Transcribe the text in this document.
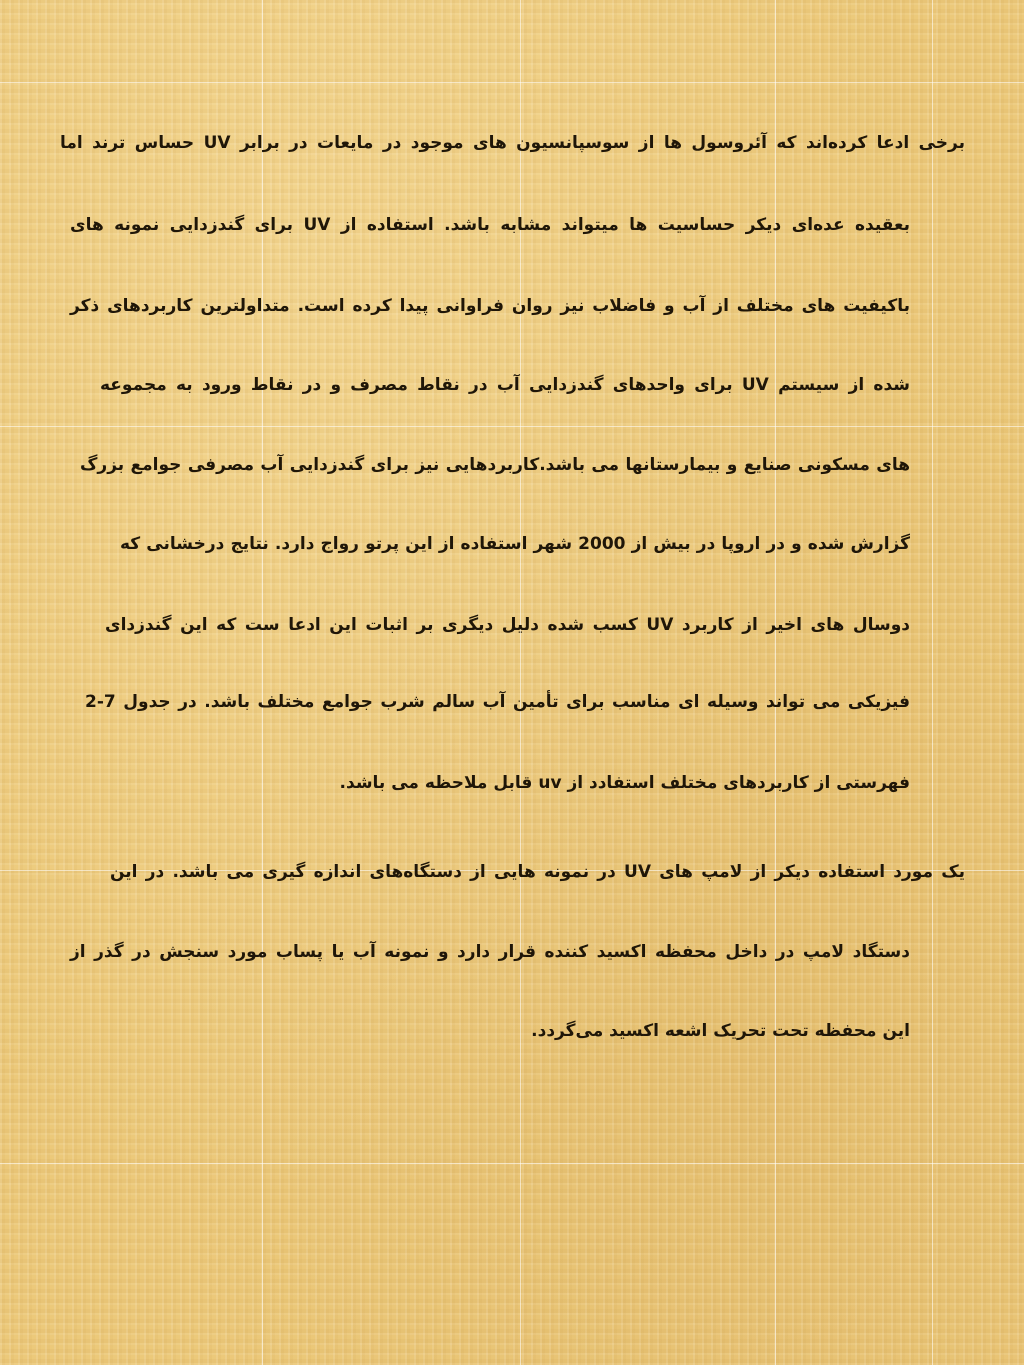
برخی ادعا کرده‌اند که آئروسول ها از سوسپانسیون های موجود در مایعات در برابر UV حساس ترند اما
بعقیده عده‌ای دیکر حساسیت ها میتواند مشابه باشد. استفاده از UV برای گندزدایی نمونه های
باکیفیت های مختلف از آب و فاضلاب نیز روان فراوانی پیدا کرده است. متداولترین کاربردهای ذکر
شده از سیستم UV برای واحدهای گندزدایی آب در نقاط مصرف و در نقاط ورود به مجموعه
های مسکونی صنایع و بیمارستانها می باشد.کاربردهایی نیز برای گندزدایی آب مصرفی جوامع بزرگ
گزارش شده و در اروپا در بیش از 2000 شهر استفاده از این پرتو رواج دارد. نتایج درخشانی که
دوسال های اخیر از کاربرد UV کسب شده دلیل دیگری بر اثبات این ادعا ست که این گندزدای
فیزیکی می تواند وسیله ای مناسب برای تأمین آب سالم شرب جوامع مختلف باشد. در جدول 7-2
فهرستی از کاربردهای مختلف استفادد از uv قابل ملاحظه می باشد.
یک مورد استفاده دیکر از لامپ های UV در نمونه هایی از دستگاه‌های اندازه گیری می باشد. در این
دستگاد لامپ در داخل محفظه اکسید کننده قرار دارد و نمونه آب یا پساب مورد سنجش در گذر از
این محفظه تحت تحریک اشعه اکسید می‌گردد.
